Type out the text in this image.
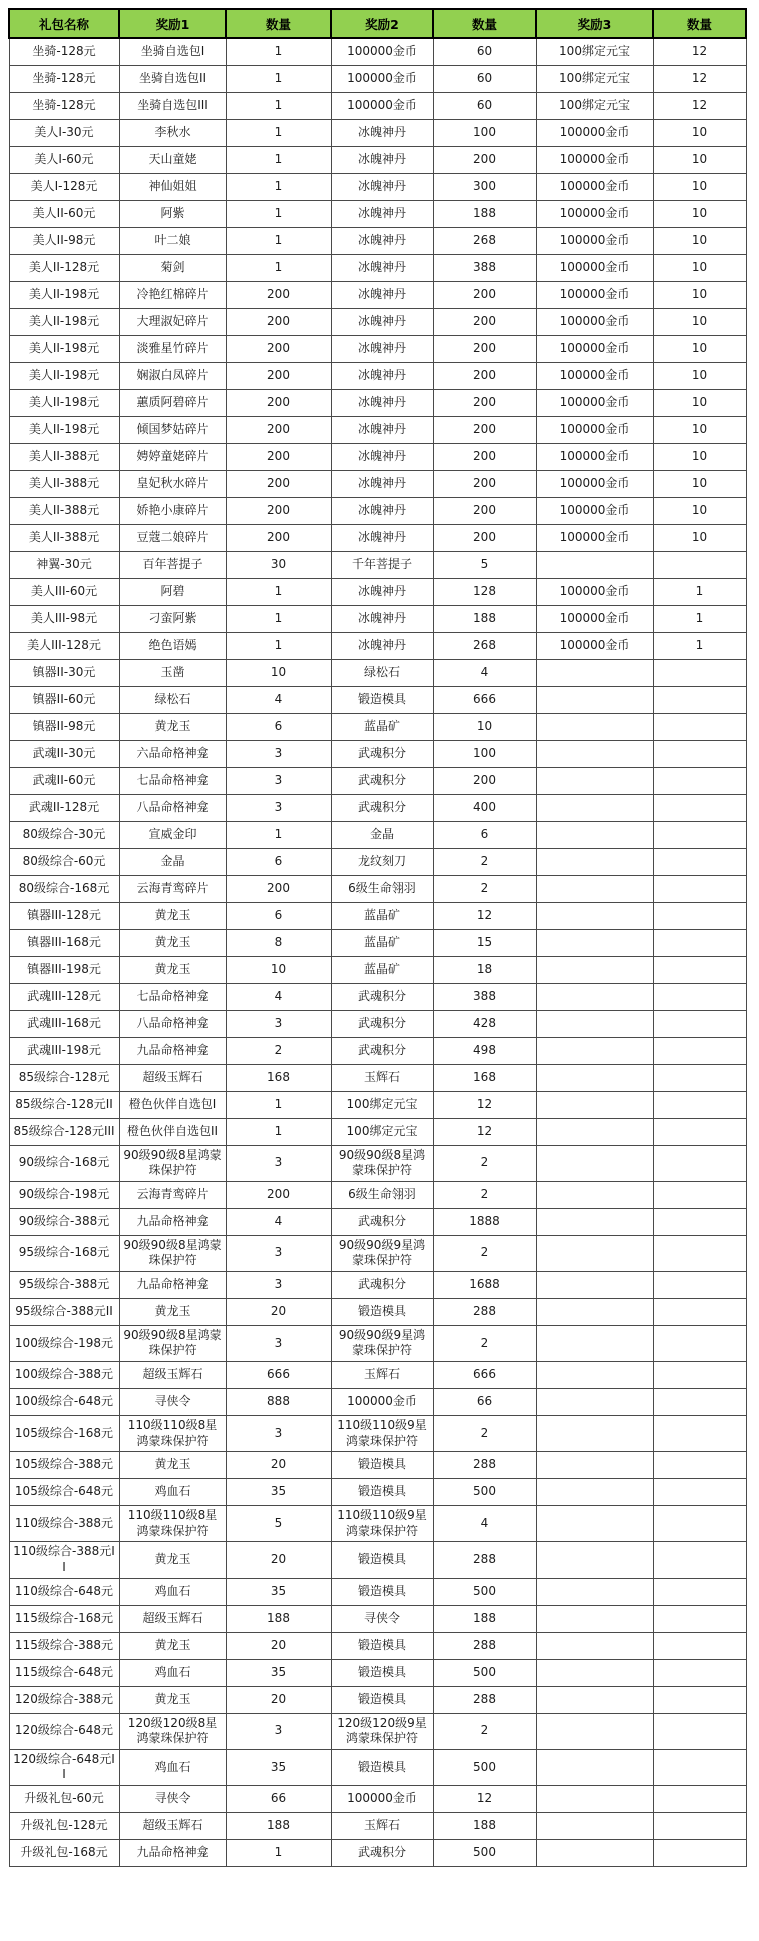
礼包名称	奖励1	数量	奖励2	数量	奖励3	数量
坐骑-128元	坐骑自选包I	1	100000金币	60	100绑定元宝	12
坐骑-128元	坐骑自选包II	1	100000金币	60	100绑定元宝	12
坐骑-128元	坐骑自选包III	1	100000金币	60	100绑定元宝	12
美人I-30元	李秋水	1	冰魄神丹	100	100000金币	10
美人I-60元	天山童姥	1	冰魄神丹	200	100000金币	10
美人I-128元	神仙姐姐	1	冰魄神丹	300	100000金币	10
美人II-60元	阿紫	1	冰魄神丹	188	100000金币	10
美人II-98元	叶二娘	1	冰魄神丹	268	100000金币	10
美人II-128元	菊剑	1	冰魄神丹	388	100000金币	10
美人II-198元	冷艳红棉碎片	200	冰魄神丹	200	100000金币	10
美人II-198元	大理淑妃碎片	200	冰魄神丹	200	100000金币	10
美人II-198元	淡雅星竹碎片	200	冰魄神丹	200	100000金币	10
美人II-198元	娴淑白凤碎片	200	冰魄神丹	200	100000金币	10
美人II-198元	蕙质阿碧碎片	200	冰魄神丹	200	100000金币	10
美人II-198元	倾国梦姑碎片	200	冰魄神丹	200	100000金币	10
美人II-388元	娉婷童姥碎片	200	冰魄神丹	200	100000金币	10
美人II-388元	皇妃秋水碎片	200	冰魄神丹	200	100000金币	10
美人II-388元	娇艳小康碎片	200	冰魄神丹	200	100000金币	10
美人II-388元	豆蔻二娘碎片	200	冰魄神丹	200	100000金币	10
神翼-30元	百年菩提子	30	千年菩提子	5		
美人III-60元	阿碧	1	冰魄神丹	128	100000金币	1
美人III-98元	刁蛮阿紫	1	冰魄神丹	188	100000金币	1
美人III-128元	绝色语嫣	1	冰魄神丹	268	100000金币	1
镇器II-30元	玉凿	10	绿松石	4		
镇器II-60元	绿松石	4	锻造模具	666		
镇器II-98元	黄龙玉	6	蓝晶矿	10		
武魂II-30元	六品命格神龛	3	武魂积分	100		
武魂II-60元	七品命格神龛	3	武魂积分	200		
武魂II-128元	八品命格神龛	3	武魂积分	400		
80级综合-30元	宣威金印	1	金晶	6		
80级综合-60元	金晶	6	龙纹刻刀	2		
80级综合-168元	云海青鸾碎片	200	6级生命翎羽	2		
镇器III-128元	黄龙玉	6	蓝晶矿	12		
镇器III-168元	黄龙玉	8	蓝晶矿	15		
镇器III-198元	黄龙玉	10	蓝晶矿	18		
武魂III-128元	七品命格神龛	4	武魂积分	388		
武魂III-168元	八品命格神龛	3	武魂积分	428		
武魂III-198元	九品命格神龛	2	武魂积分	498		
85级综合-128元	超级玉辉石	168	玉辉石	168		
85级综合-128元II	橙色伙伴自选包I	1	100绑定元宝	12		
85级综合-128元III	橙色伙伴自选包II	1	100绑定元宝	12		
90级综合-168元	90级90级8星鸿蒙珠保护符	3	90级90级8星鸿蒙珠保护符	2		
90级综合-198元	云海青鸾碎片	200	6级生命翎羽	2		
90级综合-388元	九品命格神龛	4	武魂积分	1888		
95级综合-168元	90级90级8星鸿蒙珠保护符	3	90级90级9星鸿蒙珠保护符	2		
95级综合-388元	九品命格神龛	3	武魂积分	1688		
95级综合-388元II	黄龙玉	20	锻造模具	288		
100级综合-198元	90级90级8星鸿蒙珠保护符	3	90级90级9星鸿蒙珠保护符	2		
100级综合-388元	超级玉辉石	666	玉辉石	666		
100级综合-648元	寻侠令	888	100000金币	66		
105级综合-168元	110级110级8星鸿蒙珠保护符	3	110级110级9星鸿蒙珠保护符	2		
105级综合-388元	黄龙玉	20	锻造模具	288		
105级综合-648元	鸡血石	35	锻造模具	500		
110级综合-388元	110级110级8星鸿蒙珠保护符	5	110级110级9星鸿蒙珠保护符	4		
110级综合-388元II	黄龙玉	20	锻造模具	288		
110级综合-648元	鸡血石	35	锻造模具	500		
115级综合-168元	超级玉辉石	188	寻侠令	188		
115级综合-388元	黄龙玉	20	锻造模具	288		
115级综合-648元	鸡血石	35	锻造模具	500		
120级综合-388元	黄龙玉	20	锻造模具	288		
120级综合-648元	120级120级8星鸿蒙珠保护符	3	120级120级9星鸿蒙珠保护符	2		
120级综合-648元II	鸡血石	35	锻造模具	500		
升级礼包-60元	寻侠令	66	100000金币	12		
升级礼包-128元	超级玉辉石	188	玉辉石	188		
升级礼包-168元	九品命格神龛	1	武魂积分	500		
